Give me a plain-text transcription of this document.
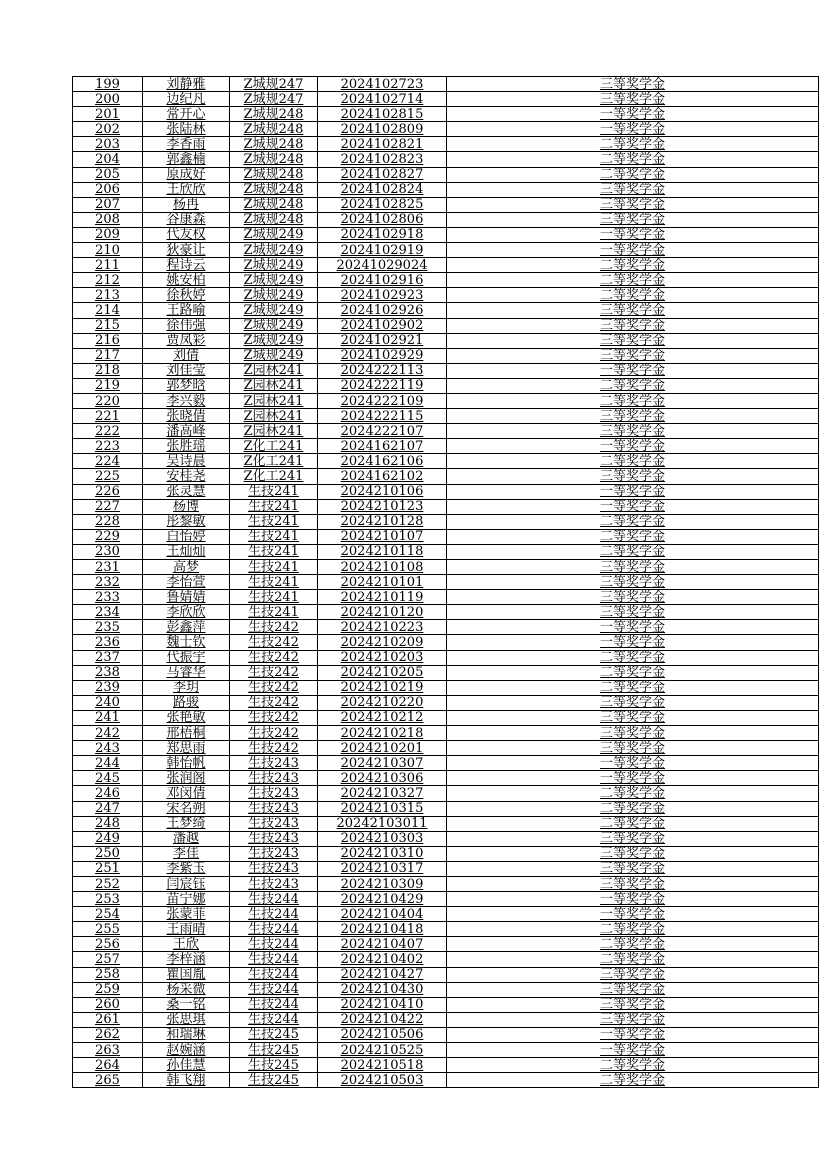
199	刘静雅	Z城规247	2024102723	三等奖学金
200	边纪凡	Z城规247	2024102714	三等奖学金
201	常开心	Z城规248	2024102815	一等奖学金
202	张陆林	Z城规248	2024102809	一等奖学金
203	李香雨	Z城规248	2024102821	二等奖学金
204	郭鑫楠	Z城规248	2024102823	二等奖学金
205	原成好	Z城规248	2024102827	二等奖学金
206	王欣欣	Z城规248	2024102824	三等奖学金
207	杨冉	Z城规248	2024102825	三等奖学金
208	谷康森	Z城规248	2024102806	三等奖学金
209	代友权	Z城规249	2024102918	一等奖学金
210	狄豪让	Z城规249	2024102919	一等奖学金
211	程诗云	Z城规249	20241029024	二等奖学金
212	姚安柏	Z城规249	2024102916	二等奖学金
213	徐秋婷	Z城规249	2024102923	二等奖学金
214	王路喻	Z城规249	2024102926	三等奖学金
215	徐伟强	Z城规249	2024102902	三等奖学金
216	贾凤彩	Z城规249	2024102921	三等奖学金
217	刘倩	Z城规249	2024102929	三等奖学金
218	刘佳莹	Z园林241	2024222113	一等奖学金
219	郭梦晗	Z园林241	2024222119	二等奖学金
220	李兴毅	Z园林241	2024222109	二等奖学金
221	张晓倩	Z园林241	2024222115	三等奖学金
222	潘高峰	Z园林241	2024222107	三等奖学金
223	张胜瑶	Z化工241	2024162107	一等奖学金
224	吴诗晨	Z化工241	2024162106	二等奖学金
225	安桂尧	Z化工241	2024162102	三等奖学金
226	张灵慧	生技241	2024210106	一等奖学金
227	杨博	生技241	2024210123	一等奖学金
228	彤黎敏	生技241	2024210128	二等奖学金
229	白怡婷	生技241	2024210107	二等奖学金
230	王灿灿	生技241	2024210118	二等奖学金
231	高梦	生技241	2024210108	三等奖学金
232	李怡萱	生技241	2024210101	三等奖学金
233	鲁婧婧	生技241	2024210119	三等奖学金
234	李欣欣	生技241	2024210120	三等奖学金
235	彭鑫萍	生技242	2024210223	一等奖学金
236	魏士钦	生技242	2024210209	一等奖学金
237	代振宇	生技242	2024210203	二等奖学金
238	马睿华	生技242	2024210205	二等奖学金
239	李玥	生技242	2024210219	二等奖学金
240	路骏	生技242	2024210220	三等奖学金
241	张艳敏	生技242	2024210212	三等奖学金
242	邢梧桐	生技242	2024210218	三等奖学金
243	郑思雨	生技242	2024210201	三等奖学金
244	韩怡帆	生技243	2024210307	一等奖学金
245	张润阁	生技243	2024210306	一等奖学金
246	邓闵倩	生技243	2024210327	二等奖学金
247	宋名朔	生技243	2024210315	二等奖学金
248	王梦绮	生技243	20242103011	二等奖学金
249	潘越	生技243	2024210303	三等奖学金
250	李佳	生技243	2024210310	三等奖学金
251	李紫玉	生技243	2024210317	三等奖学金
252	闫宸钰	生技243	2024210309	三等奖学金
253	苗宁娜	生技244	2024210429	一等奖学金
254	张蒙菲	生技244	2024210404	一等奖学金
255	王雨晴	生技244	2024210418	二等奖学金
256	王欣	生技244	2024210407	二等奖学金
257	李梓涵	生技244	2024210402	二等奖学金
258	瞿国胤	生技244	2024210427	三等奖学金
259	杨采微	生技244	2024210430	三等奖学金
260	桑一铭	生技244	2024210410	三等奖学金
261	张思琪	生技244	2024210422	三等奖学金
262	和瑞琳	生技245	2024210506	一等奖学金
263	赵婉涵	生技245	2024210525	一等奖学金
264	孙佳慧	生技245	2024210518	二等奖学金
265	韩飞翔	生技245	2024210503	二等奖学金
